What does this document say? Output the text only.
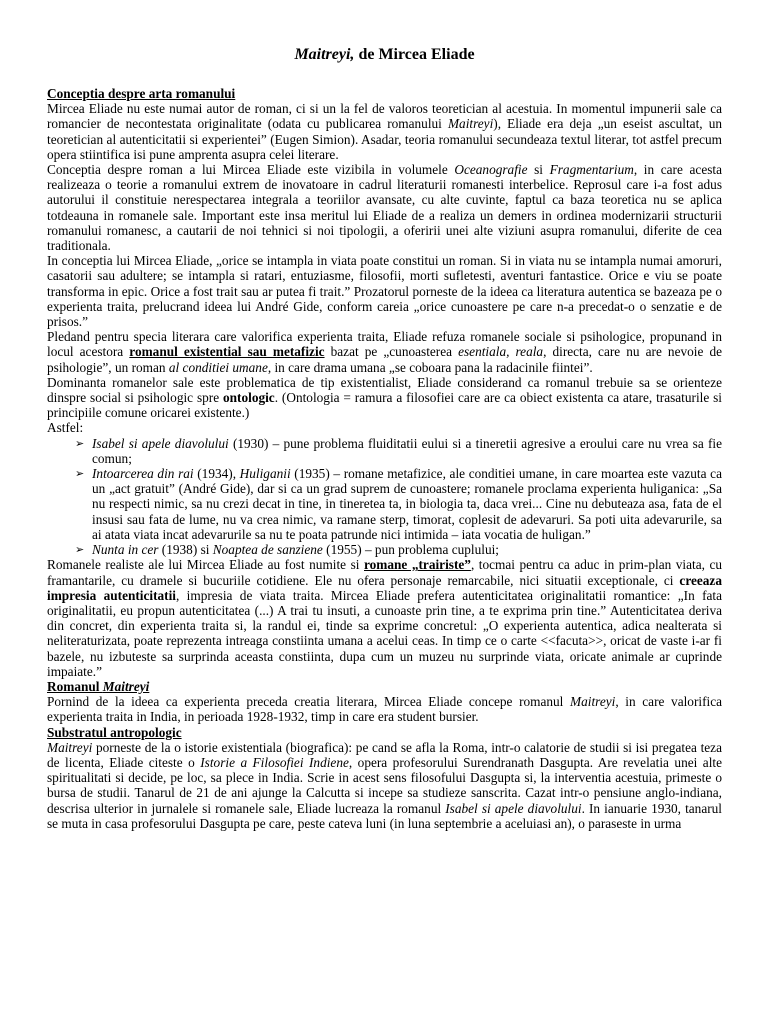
Maitreyi, de Mircea Eliade
Conceptia despre arta romanului

Mircea Eliade nu este numai autor de roman, ci si un la fel de valoros teoretician al acestuia. In momentul impunerii sale ca romancier de necontestata originalitate (odata cu publicarea romanului Maitreyi), Eliade era deja „un eseist ascultat, un teoretician al autenticitatii si experientei” (Eugen Simion). Asadar, teoria romanului secundeaza textul literar, tot astfel precum opera stiintifica isi pune amprenta asupra celei literare.

Conceptia despre roman a lui Mircea Eliade este vizibila in volumele Oceanografie si Fragmentarium, in care acesta realizeaza o teorie a romanului extrem de inovatoare in cadrul literaturii romanesti interbelice. Reprosul care i-a fost adus autorului il constituie nerespectarea integrala a teoriilor avansate, cu alte cuvinte, faptul ca baza teoretica nu se aplica totdeauna in romanele sale. Important este insa meritul lui Eliade de a realiza un demers in ordinea modernizarii structurii romanului romanesc, a cautarii de noi tehnici si noi tipologii, a oferirii unei alte viziuni asupra romanului, diferite de cea traditionala.

In conceptia lui Mircea Eliade, „orice se intampla in viata poate constitui un roman. Si in viata nu se intampla numai amoruri, casatorii sau adultere; se intampla si ratari, entuziasme, filosofii, morti sufletesti, aventuri fantastice. Orice e viu se poate transforma in epic. Orice a fost trait sau ar putea fi trait.” Prozatorul porneste de la ideea ca literatura autentica se bazeaza pe o experienta traita, prelucrand ideea lui André Gide, conform careia „orice cunoastere pe care n-a precedat-o o senzatie e de prisos.”

Pledand pentru specia literara care valorifica experienta traita, Eliade refuza romanele sociale si psihologice, propunand in locul acestora romanul existential sau metafizic bazat pe „cunoasterea esentiala, reala, directa, care nu are nevoie de psihologie”, un roman al conditiei umane, in care drama umana „se coboara pana la radacinile fiintei”.

Dominanta romanelor sale este problematica de tip existentialist, Eliade considerand ca romanul trebuie sa se orienteze dinspre social si psihologic spre ontologic. (Ontologia = ramura a filosofiei care are ca obiect existenta ca atare, trasaturile si principiile comune oricarei existente.)

Astfel:

➢ Isabel si apele diavolului (1930) – pune problema fluiditatii eului si a tineretii agresive a eroului care nu vrea sa fie comun;
➢ Intoarcerea din rai (1934), Huliganii (1935) – romane metafizice, ale conditiei umane, in care moartea este vazuta ca un „act gratuit” (André Gide), dar si ca un grad suprem de cunoastere; romanele proclama experienta huliganica: „Sa nu respecti nimic, sa nu crezi decat in tine, in tineretea ta, in biologia ta, daca vrei... Cine nu debuteaza asa, fata de el insusi sau fata de lume, nu va crea nimic, va ramane sterp, timorat, coplesit de adevaruri. Sa poti uita adevarurile, sa ai atata viata incat adevarurile sa nu te poata patrunde nici intimida – iata vocatia de huligan.”
➢ Nunta in cer (1938) si Noaptea de sanziene (1955) – pun problema cuplului;

Romanele realiste ale lui Mircea Eliade au fost numite si romane „trairiste”, tocmai pentru ca aduc in prim-plan viata, cu framantarile, cu dramele si bucuriile cotidiene. Ele nu ofera personaje remarcabile, nici situatii exceptionale, ci creeaza impresia autenticitatii, impresia de viata traita. Mircea Eliade prefera autenticitatea originalitatii romantice: „In fata originalitatii, eu propun autenticitatea (...) A trai tu insuti, a cunoaste prin tine, a te exprima prin tine.” Autenticitatea deriva din concret, din experienta traita si, la randul ei, tinde sa exprime concretul: „O experienta autentica, adica nealterata si neliteraturizata, poate reprezenta intreaga constiinta umana a acelui ceas. In timp ce o carte <<facuta>>, oricat de vaste i-ar fi bazele, nu izbuteste sa surprinda aceasta constiinta, dupa cum un muzeu nu surprinde viata, oricate animale ar cuprinde impaiate.”

Romanul Maitreyi

Pornind de la ideea ca experienta preceda creatia literara, Mircea Eliade concepe romanul Maitreyi, in care valorifica experienta traita in India, in perioada 1928-1932, timp in care era student bursier.

Substratul antropologic

Maitreyi porneste de la o istorie existentiala (biografica): pe cand se afla la Roma, intr-o calatorie de studii si isi pregatea teza de licenta, Eliade citeste o Istorie a Filosofiei Indiene, opera profesorului Surendranath Dasgupta. Are revelatia unei alte spiritualitati si decide, pe loc, sa plece in India. Scrie in acest sens filosofului Dasgupta si, la interventia acestuia, primeste o bursa de studii. Tanarul de 21 de ani ajunge la Calcutta si incepe sa studieze sanscrita. Cazat intr-o pensiune anglo-indiana, descrisa ulterior in jurnalele si romanele sale, Eliade lucreaza la romanul Isabel si apele diavolului. In ianuarie 1930, tanarul se muta in casa profesorului Dasgupta pe care, peste cateva luni (in luna septembrie a aceluiasi an), o paraseste in urma
